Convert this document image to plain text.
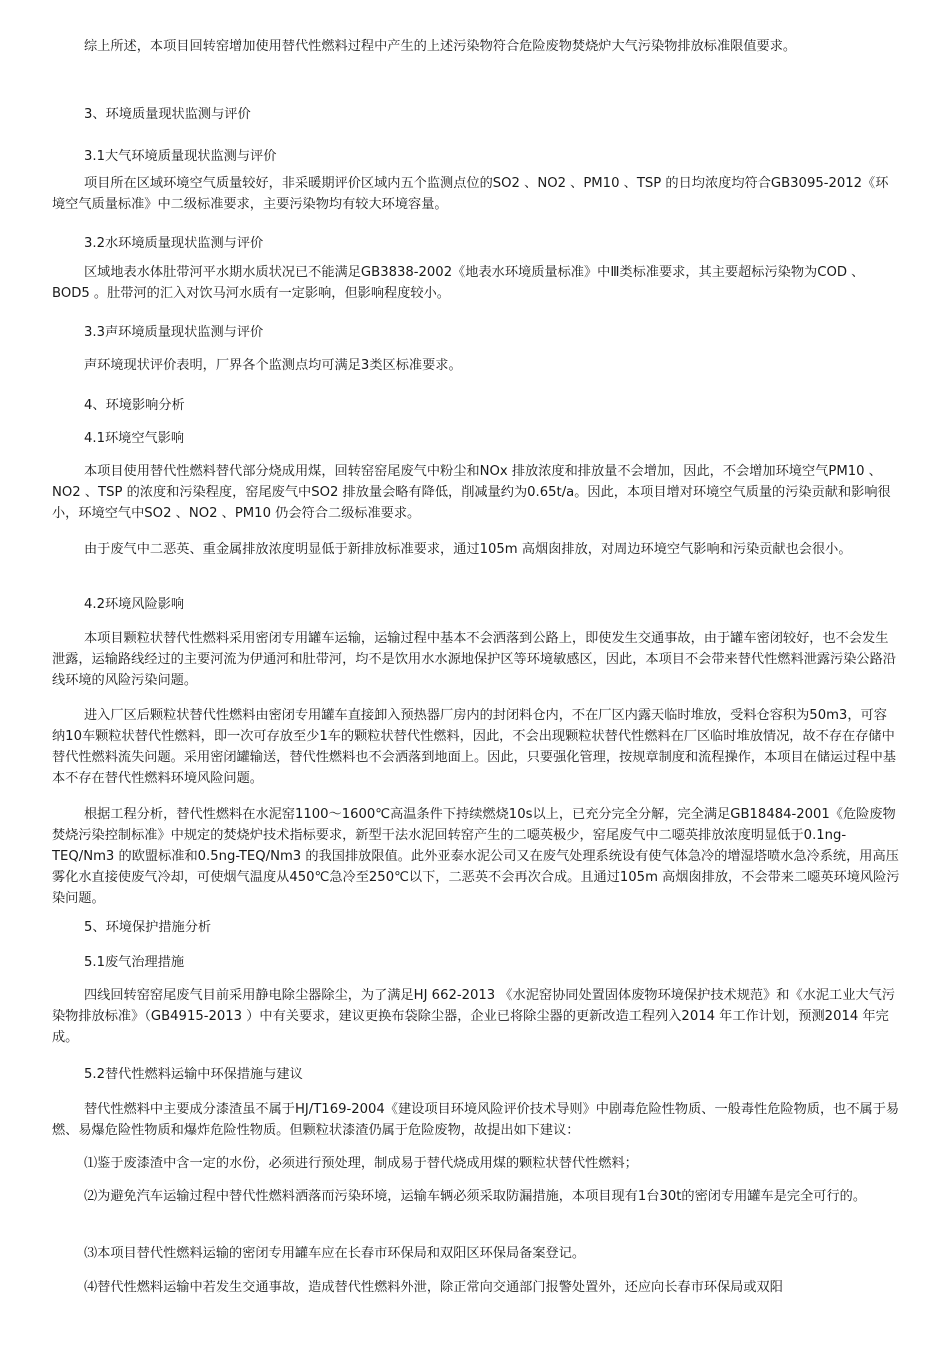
综上所述，本项目回转窑增加使用替代性燃料过程中产生的上述污染物符合危险废物焚烧炉大气污染物排放标准限值要求。

3、环境质量现状监测与评价

3.1大气环境质量现状监测与评价

项目所在区域环境空气质量较好，非采暖期评价区域内五个监测点位的SO2 、NO2 、PM10 、TSP 的日均浓度均符合GB3095-2012《环境空气质量标准》中二级标准要求，主要污染物均有较大环境容量。

3.2水环境质量现状监测与评价

区域地表水体肚带河平水期水质状况已不能满足GB3838-2002《地表水环境质量标准》中Ⅲ类标准要求，其主要超标污染物为COD 、BOD5 。肚带河的汇入对饮马河水质有一定影响，但影响程度较小。

3.3声环境质量现状监测与评价

声环境现状评价表明，厂界各个监测点均可满足3类区标准要求。

4、环境影响分析

4.1环境空气影响

本项目使用替代性燃料替代部分烧成用煤，回转窑窑尾废气中粉尘和NOx 排放浓度和排放量不会增加，因此，不会增加环境空气PM10 、NO2 、TSP 的浓度和污染程度，窑尾废气中SO2 排放量会略有降低，削减量约为0.65t/a。因此，本项目增对环境空气质量的污染贡献和影响很小，环境空气中SO2 、NO2 、PM10 仍会符合二级标准要求。

由于废气中二恶英、重金属排放浓度明显低于新排放标准要求，通过105m 高烟囱排放，对周边环境空气影响和污染贡献也会很小。

4.2环境风险影响

本项目颗粒状替代性燃料采用密闭专用罐车运输，运输过程中基本不会洒落到公路上，即使发生交通事故，由于罐车密闭较好，也不会发生泄露，运输路线经过的主要河流为伊通河和肚带河，均不是饮用水水源地保护区等环境敏感区，因此，本项目不会带来替代性燃料泄露污染公路沿线环境的风险污染问题。

进入厂区后颗粒状替代性燃料由密闭专用罐车直接卸入预热器厂房内的封闭料仓内，不在厂区内露天临时堆放，受料仓容积为50m3，可容纳10车颗粒状替代性燃料，即一次可存放至少1车的颗粒状替代性燃料，因此，不会出现颗粒状替代性燃料在厂区临时堆放情况，故不存在存储中替代性燃料流失问题。采用密闭罐输送，替代性燃料也不会洒落到地面上。因此，只要强化管理，按规章制度和流程操作，本项目在储运过程中基本不存在替代性燃料环境风险问题。

根据工程分析，替代性燃料在水泥窑1100～1600℃高温条件下持续燃烧10s以上，已充分完全分解，完全满足GB18484-2001《危险废物焚烧污染控制标准》中规定的焚烧炉技术指标要求，新型干法水泥回转窑产生的二噁英极少，窑尾废气中二噁英排放浓度明显低于0.1ng-TEQ/Nm3 的欧盟标准和0.5ng-TEQ/Nm3 的我国排放限值。此外亚泰水泥公司又在废气处理系统设有使气体急冷的增湿塔喷水急冷系统，用高压雾化水直接使废气冷却，可使烟气温度从450℃急冷至250℃以下，二恶英不会再次合成。且通过105m 高烟囱排放，不会带来二噁英环境风险污染问题。

5、环境保护措施分析

5.1废气治理措施

四线回转窑窑尾废气目前采用静电除尘器除尘，为了满足HJ 662-2013 《水泥窑协同处置固体废物环境保护技术规范》和《水泥工业大气污染物排放标准》（GB4915-2013 ）中有关要求，建议更换布袋除尘器，企业已将除尘器的更新改造工程列入2014 年工作计划，预测2014 年完成。

5.2替代性燃料运输中环保措施与建议

替代性燃料中主要成分漆渣虽不属于HJ/T169-2004《建设项目环境风险评价技术导则》中剧毒危险性物质、一般毒性危险物质，也不属于易燃、易爆危险性物质和爆炸危险性物质。但颗粒状漆渣仍属于危险废物，故提出如下建议：

⑴鉴于废漆渣中含一定的水份，必须进行预处理，制成易于替代烧成用煤的颗粒状替代性燃料；

⑵为避免汽车运输过程中替代性燃料洒落而污染环境，运输车辆必须采取防漏措施，本项目现有1台30t的密闭专用罐车是完全可行的。

⑶本项目替代性燃料运输的密闭专用罐车应在长春市环保局和双阳区环保局备案登记。

⑷替代性燃料运输中若发生交通事故，造成替代性燃料外泄，除正常向交通部门报警处置外，还应向长春市环保局或双阳
